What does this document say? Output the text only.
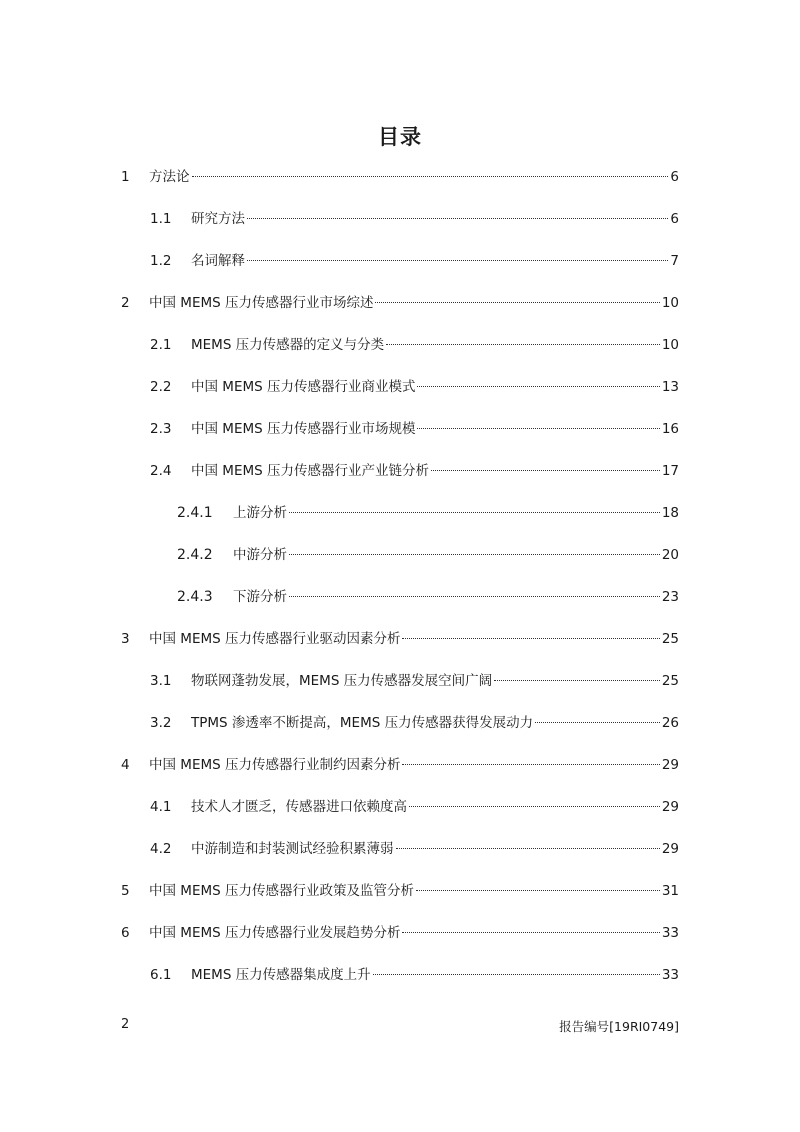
目录
1	方法论	6
1.1	研究方法	6
1.2	名词解释	7
2	中国 MEMS 压力传感器行业市场综述	10
2.1	MEMS 压力传感器的定义与分类	10
2.2	中国 MEMS 压力传感器行业商业模式	13
2.3	中国 MEMS 压力传感器行业市场规模	16
2.4	中国 MEMS 压力传感器行业产业链分析	17
2.4.1	上游分析	18
2.4.2	中游分析	20
2.4.3	下游分析	23
3	中国 MEMS 压力传感器行业驱动因素分析	25
3.1	物联网蓬勃发展，MEMS 压力传感器发展空间广阔	25
3.2	TPMS 渗透率不断提高，MEMS 压力传感器获得发展动力	26
4	中国 MEMS 压力传感器行业制约因素分析	29
4.1	技术人才匮乏，传感器进口依赖度高	29
4.2	中游制造和封装测试经验积累薄弱	29
5	中国 MEMS 压力传感器行业政策及监管分析	31
6	中国 MEMS 压力传感器行业发展趋势分析	33
6.1	MEMS 压力传感器集成度上升	33
2	报告编号[19RI0749]
